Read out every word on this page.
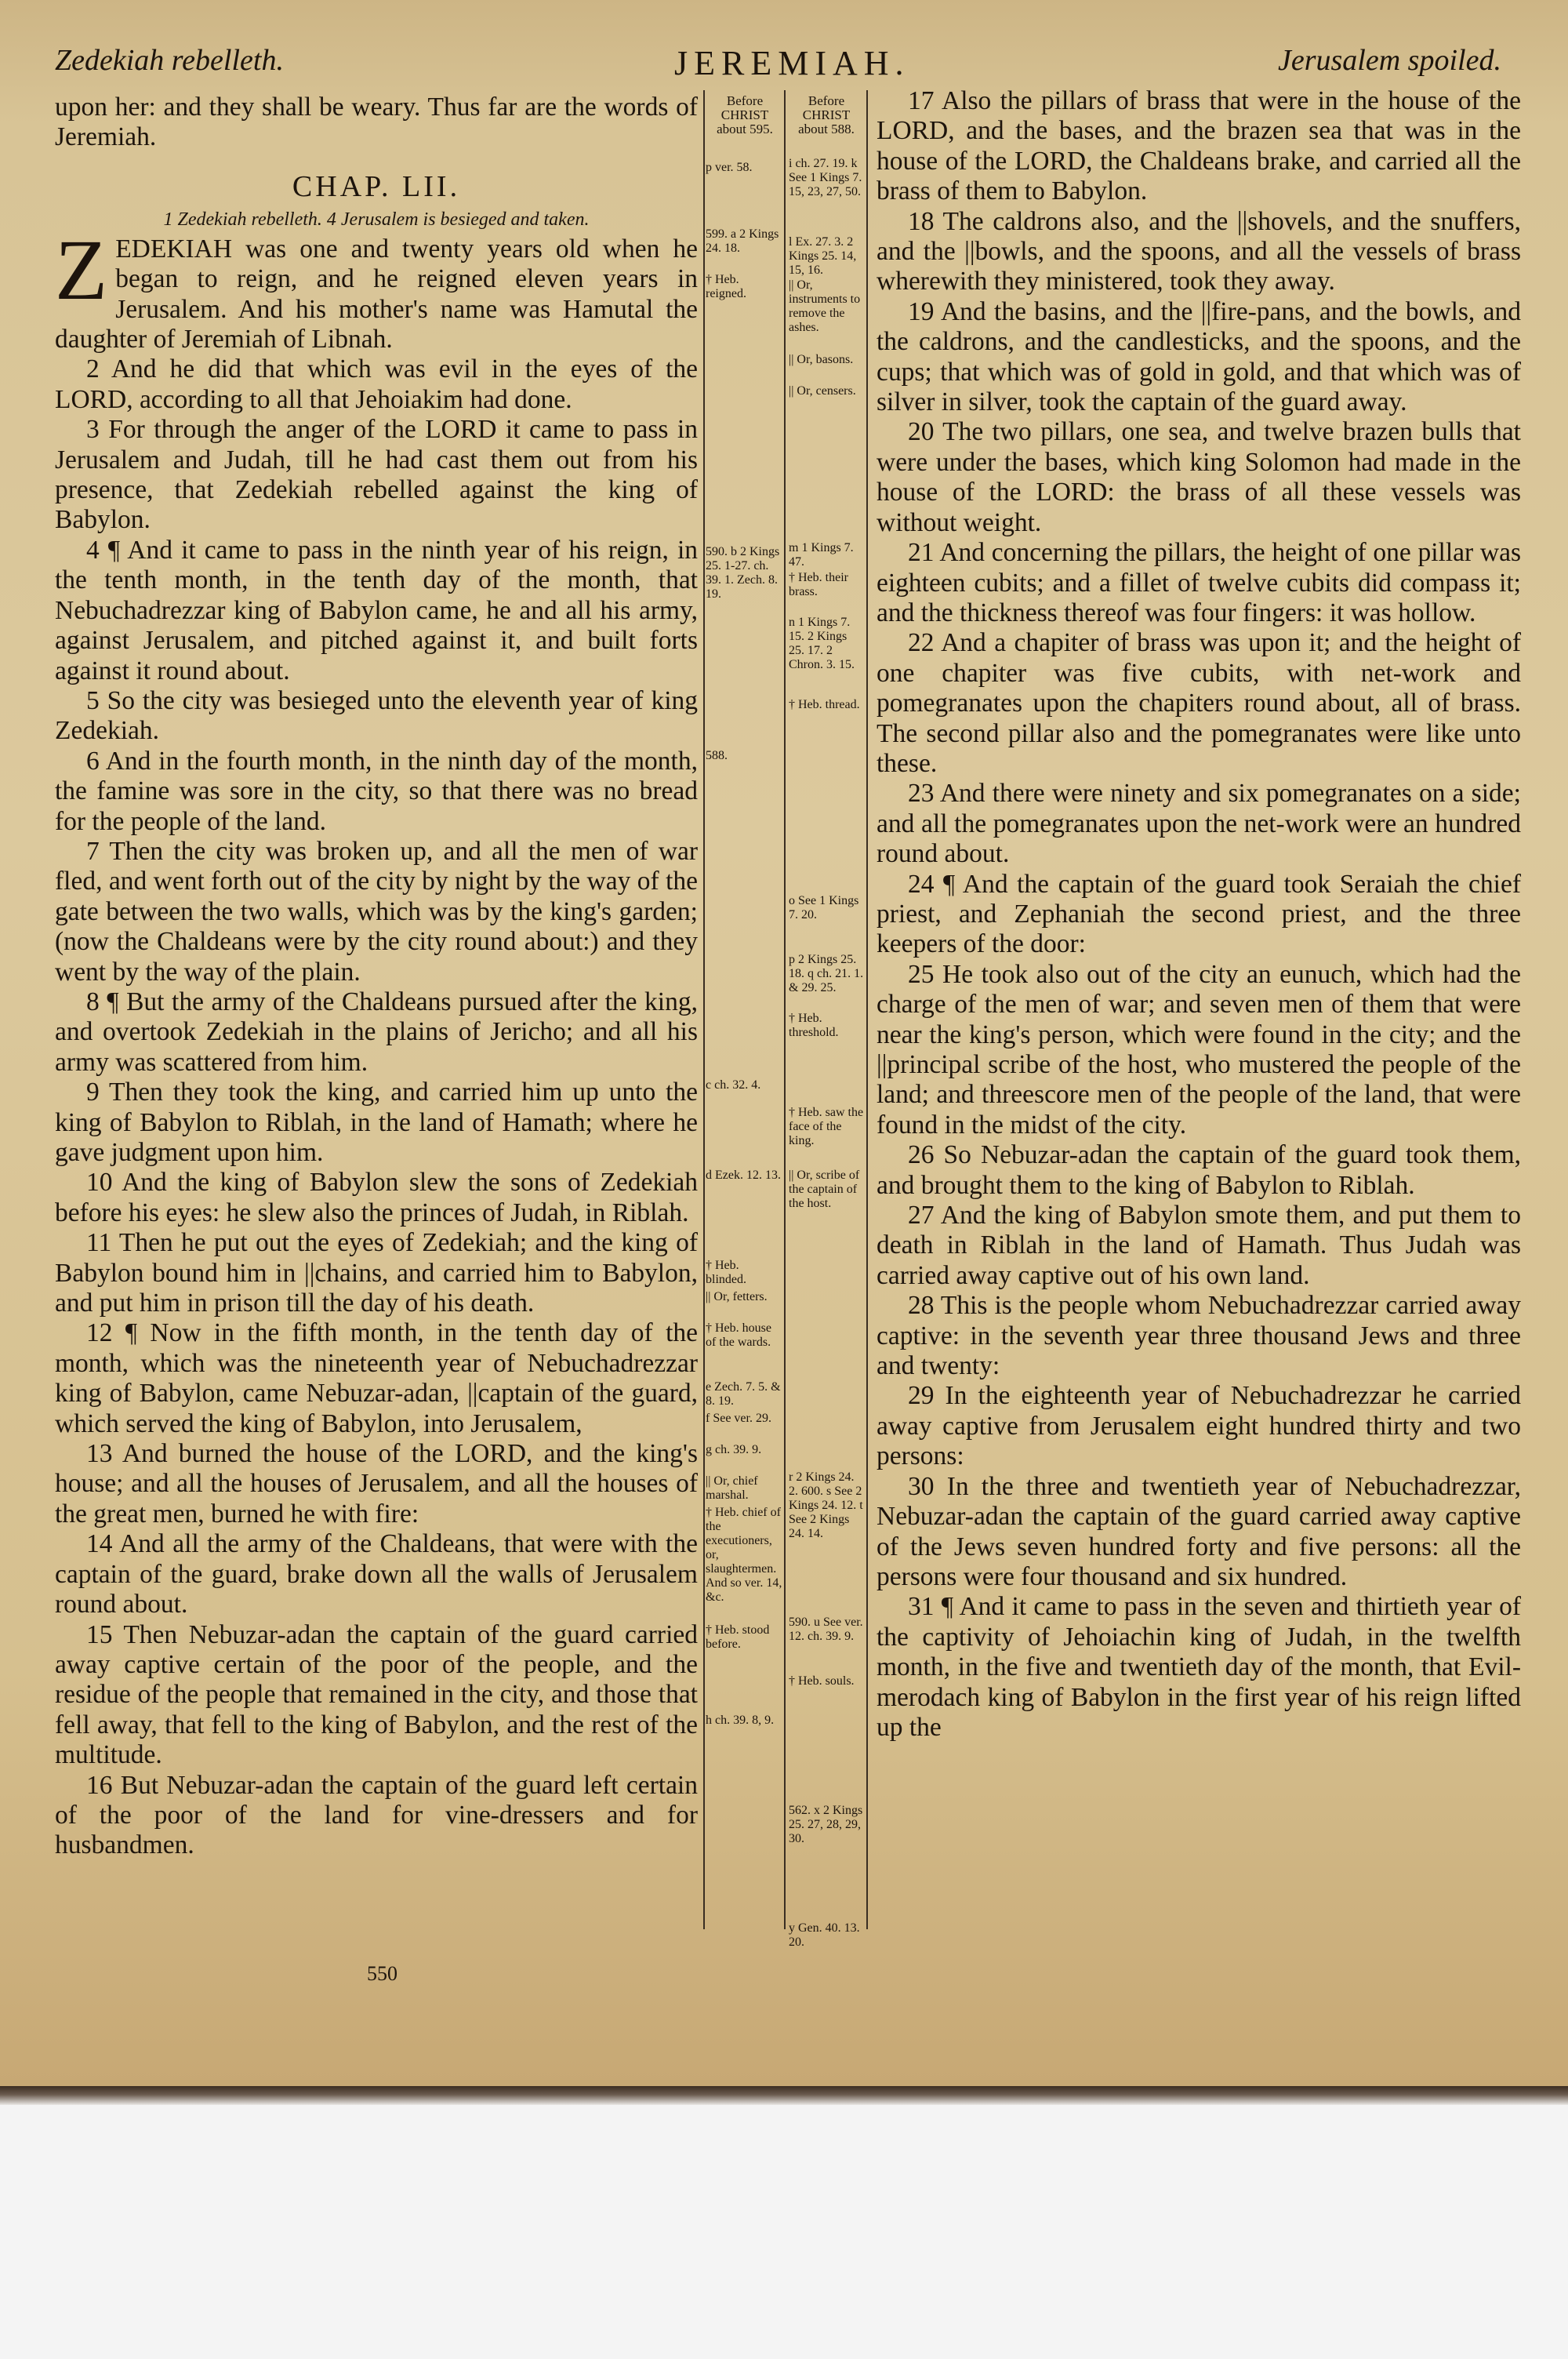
Zedekiah rebelleth.	JEREMIAH.	Jerusalem spoiled.
Before CHRIST about 595.
Before CHRIST about 588.

upon her: and they shall be weary. Thus far are the words of Jeremiah.

CHAP. LII.
1 Zedekiah rebelleth. 4 Jerusalem is besieged and taken.

ZEDEKIAH was one and twenty years old when he began to reign, and he reigned eleven years in Jerusalem. And his mother's name was Hamutal the daughter of Jeremiah of Libnah.

2 And he did that which was evil in the eyes of the LORD, according to all that Jehoiakim had done.

3 For through the anger of the LORD it came to pass in Jerusalem and Judah, till he had cast them out from his presence, that Zedekiah rebelled against the king of Babylon.

4 ¶ And it came to pass in the ninth year of his reign, in the tenth month, in the tenth day of the month, that Nebuchadrezzar king of Babylon came, he and all his army, against Jerusalem, and pitched against it, and built forts against it round about.

5 So the city was besieged unto the eleventh year of king Zedekiah.

6 And in the fourth month, in the ninth day of the month, the famine was sore in the city, so that there was no bread for the people of the land.

7 Then the city was broken up, and all the men of war fled, and went forth out of the city by night by the way of the gate between the two walls, which was by the king's garden; (now the Chaldeans were by the city round about:) and they went by the way of the plain.

8 ¶ But the army of the Chaldeans pursued after the king, and overtook Zedekiah in the plains of Jericho; and all his army was scattered from him.

9 Then they took the king, and carried him up unto the king of Babylon to Riblah, in the land of Hamath; where he gave judgment upon him.

10 And the king of Babylon slew the sons of Zedekiah before his eyes: he slew also the princes of Judah, in Riblah.

11 Then he put out the eyes of Zedekiah; and the king of Babylon bound him in ||chains, and carried him to Babylon, and put him in prison till the day of his death.

12 ¶ Now in the fifth month, in the tenth day of the month, which was the nineteenth year of Nebuchadrezzar king of Babylon, came Nebuzar-adan, ||captain of the guard, which served the king of Babylon, into Jerusalem,

13 And burned the house of the LORD, and the king's house; and all the houses of Jerusalem, and all the houses of the great men, burned he with fire:

14 And all the army of the Chaldeans, that were with the captain of the guard, brake down all the walls of Jerusalem round about.

15 Then Nebuzar-adan the captain of the guard carried away captive certain of the poor of the people, and the residue of the people that remained in the city, and those that fell away, that fell to the king of Babylon, and the rest of the multitude.

16 But Nebuzar-adan the captain of the guard left certain of the poor of the land for vine-dressers and for husbandmen.

17 Also the pillars of brass that were in the house of the LORD, and the bases, and the brazen sea that was in the house of the LORD, the Chaldeans brake, and carried all the brass of them to Babylon.

18 The caldrons also, and the ||shovels, and the snuffers, and the ||bowls, and the spoons, and all the vessels of brass wherewith they ministered, took they away.

19 And the basins, and the ||fire-pans, and the bowls, and the caldrons, and the candlesticks, and the spoons, and the cups; that which was of gold in gold, and that which was of silver in silver, took the captain of the guard away.

20 The two pillars, one sea, and twelve brazen bulls that were under the bases, which king Solomon had made in the house of the LORD: the brass of all these vessels was without weight.

21 And concerning the pillars, the height of one pillar was eighteen cubits; and a fillet of twelve cubits did compass it; and the thickness thereof was four fingers: it was hollow.

22 And a chapiter of brass was upon it; and the height of one chapiter was five cubits, with net-work and pomegranates upon the chapiters round about, all of brass. The second pillar also and the pomegranates were like unto these.

23 And there were ninety and six pomegranates on a side; and all the pomegranates upon the net-work were an hundred round about.

24 ¶ And the captain of the guard took Seraiah the chief priest, and Zephaniah the second priest, and the three keepers of the door:

25 He took also out of the city an eunuch, which had the charge of the men of war; and seven men of them that were near the king's person, which were found in the city; and the ||principal scribe of the host, who mustered the people of the land; and threescore men of the people of the land, that were found in the midst of the city.

26 So Nebuzar-adan the captain of the guard took them, and brought them to the king of Babylon to Riblah.

27 And the king of Babylon smote them, and put them to death in Riblah in the land of Hamath. Thus Judah was carried away captive out of his own land.

28 This is the people whom Nebuchadrezzar carried away captive: in the seventh year three thousand Jews and three and twenty:

29 In the eighteenth year of Nebuchadrezzar he carried away captive from Jerusalem eight hundred thirty and two persons:

30 In the three and twentieth year of Nebuchadrezzar, Nebuzar-adan the captain of the guard carried away captive of the Jews seven hundred forty and five persons: all the persons were four thousand and six hundred.

31 ¶ And it came to pass in the seven and thirtieth year of the captivity of Jehoiachin king of Judah, in the twelfth month, in the five and twentieth day of the month, that Evil-merodach king of Babylon in the first year of his reign lifted up the

p ver. 58.
599. a 2 Kings 24. 18.
† Heb. reigned.
590. b 2 Kings 25. 1-27. ch. 39. 1. Zech. 8. 19.
588.
c ch. 32. 4.
d Ezek. 12. 13.
† Heb. blinded.
|| Or, fetters.
† Heb. house of the wards.
e Zech. 7. 5. & 8. 19.
f See ver. 29.
g ch. 39. 9.
|| Or, chief marshal.
† Heb. chief of the executioners, or, slaughtermen. And so ver. 14, &c.
† Heb. stood before.
h ch. 39. 8, 9.
i ch. 27. 19. k See 1 Kings 7. 15, 23, 27, 50.
l Ex. 27. 3. 2 Kings 25. 14, 15, 16.
|| Or, instruments to remove the ashes.
|| Or, basons.
|| Or, censers.
m 1 Kings 7. 47.
† Heb. their brass.
n 1 Kings 7. 15. 2 Kings 25. 17. 2 Chron. 3. 15.
† Heb. thread.
o See 1 Kings 7. 20.
p 2 Kings 25. 18. q ch. 21. 1. & 29. 25.
† Heb. threshold.
† Heb. saw the face of the king.
|| Or, scribe of the captain of the host.
r 2 Kings 24. 2. 600. s See 2 Kings 24. 12. t See 2 Kings 24. 14.
590. u See ver. 12. ch. 39. 9.
† Heb. souls.
562. x 2 Kings 25. 27, 28, 29, 30.
y Gen. 40. 13. 20.
550
